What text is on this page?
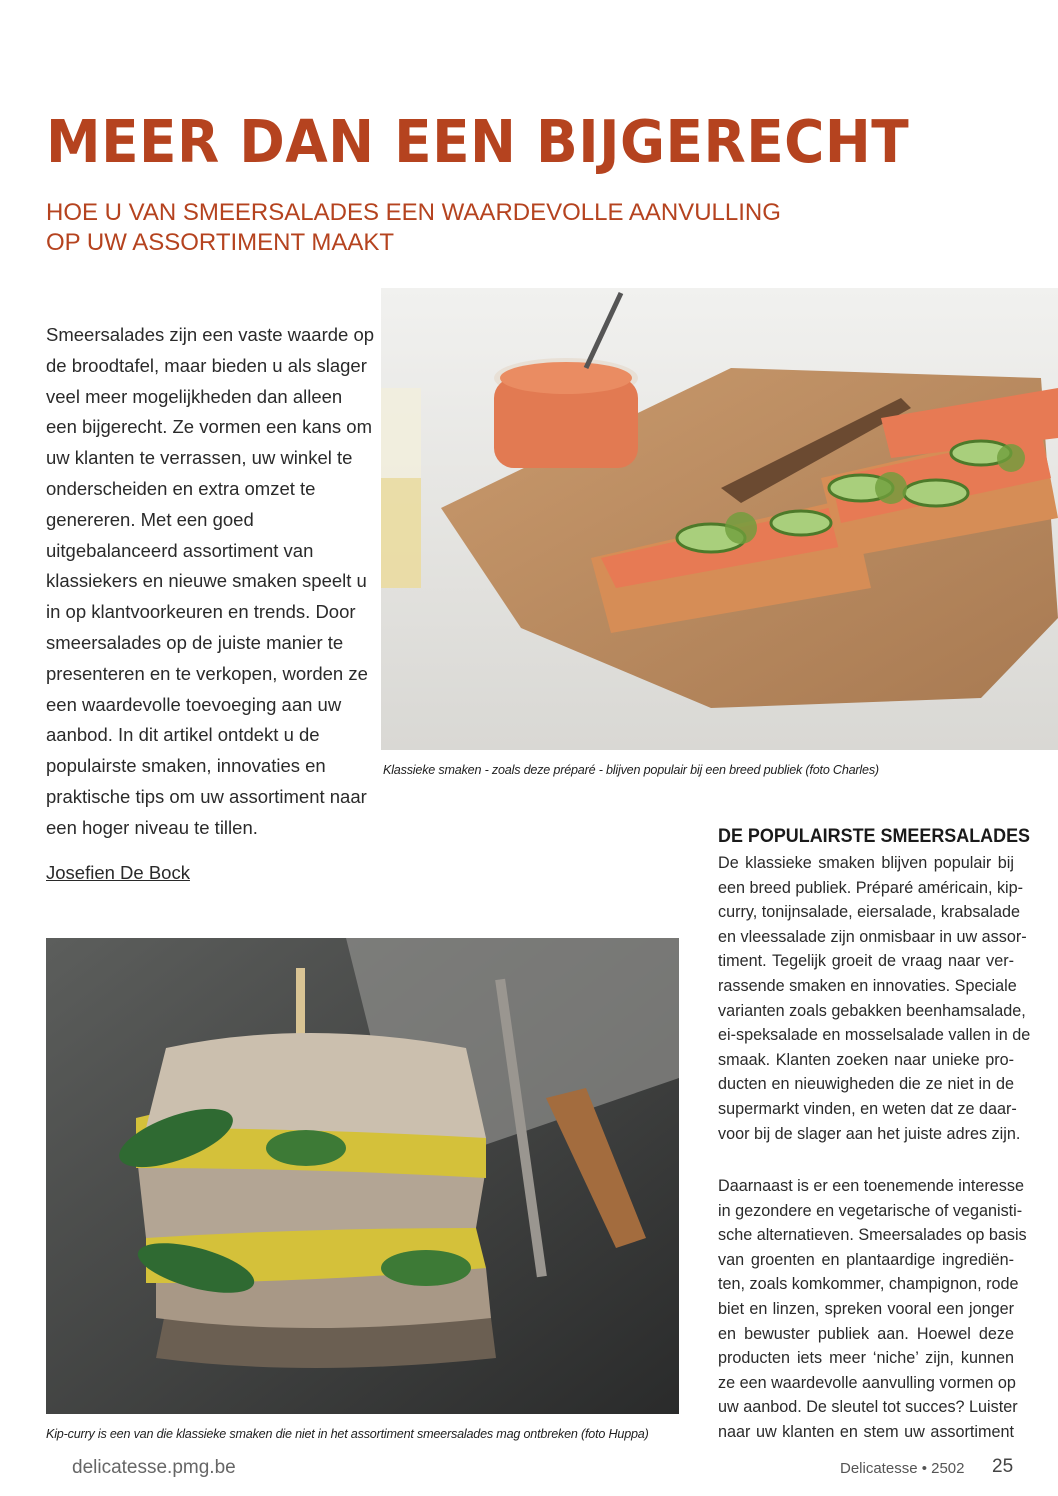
MEER DAN EEN BIJGERECHT
HOE U VAN SMEERSALADES EEN WAARDEVOLLE AANVULLING
OP UW ASSORTIMENT MAAKT
Smeersalades zijn een vaste waarde op
de broodtafel, maar bieden u als slager
veel meer mogelijkheden dan alleen
een bijgerecht. Ze vormen een kans om
uw klanten te verrassen, uw winkel te
onderscheiden en extra omzet te
genereren. Met een goed
uitgebalanceerd assortiment van
klassiekers en nieuwe smaken speelt u
in op klantvoorkeuren en trends. Door
smeersalades op de juiste manier te
presenteren en te verkopen, worden ze
een waardevolle toevoeging aan uw
aanbod. In dit artikel ontdekt u de
populairste smaken, innovaties en
praktische tips om uw assortiment naar
een hoger niveau te tillen.
Josefien De Bock
Klassieke smaken - zoals deze préparé - blijven populair bij een breed publiek (foto Charles)
Kip-curry is een van die klassieke smaken die niet in het assortiment smeersalades mag ontbreken (foto Huppa)
DE POPULAIRSTE SMEERSALADES
De klassieke smaken blijven populair bij
een breed publiek. Préparé américain, kip-
curry, tonijnsalade, eiersalade, krabsalade
en vleessalade zijn onmisbaar in uw assor-
timent. Tegelijk groeit de vraag naar ver-
rassende smaken en innovaties. Speciale
varianten zoals gebakken beenhamsalade,
ei-speksalade en mosselsalade vallen in de
smaak. Klanten zoeken naar unieke pro-
ducten en nieuwigheden die ze niet in de
supermarkt vinden, en weten dat ze daar-
voor bij de slager aan het juiste adres zijn.
Daarnaast is er een toenemende interesse
in gezondere en vegetarische of veganisti-
sche alternatieven. Smeersalades op basis
van groenten en plantaardige ingrediën-
ten, zoals komkommer, champignon, rode
biet en linzen, spreken vooral een jonger
en bewuster publiek aan. Hoewel deze
producten iets meer ‘niche’ zijn, kunnen
ze een waardevolle aanvulling vormen op
uw aanbod. De sleutel tot succes? Luister
naar uw klanten en stem uw assortiment
delicatesse.pmg.be	Delicatesse • 2502 25
